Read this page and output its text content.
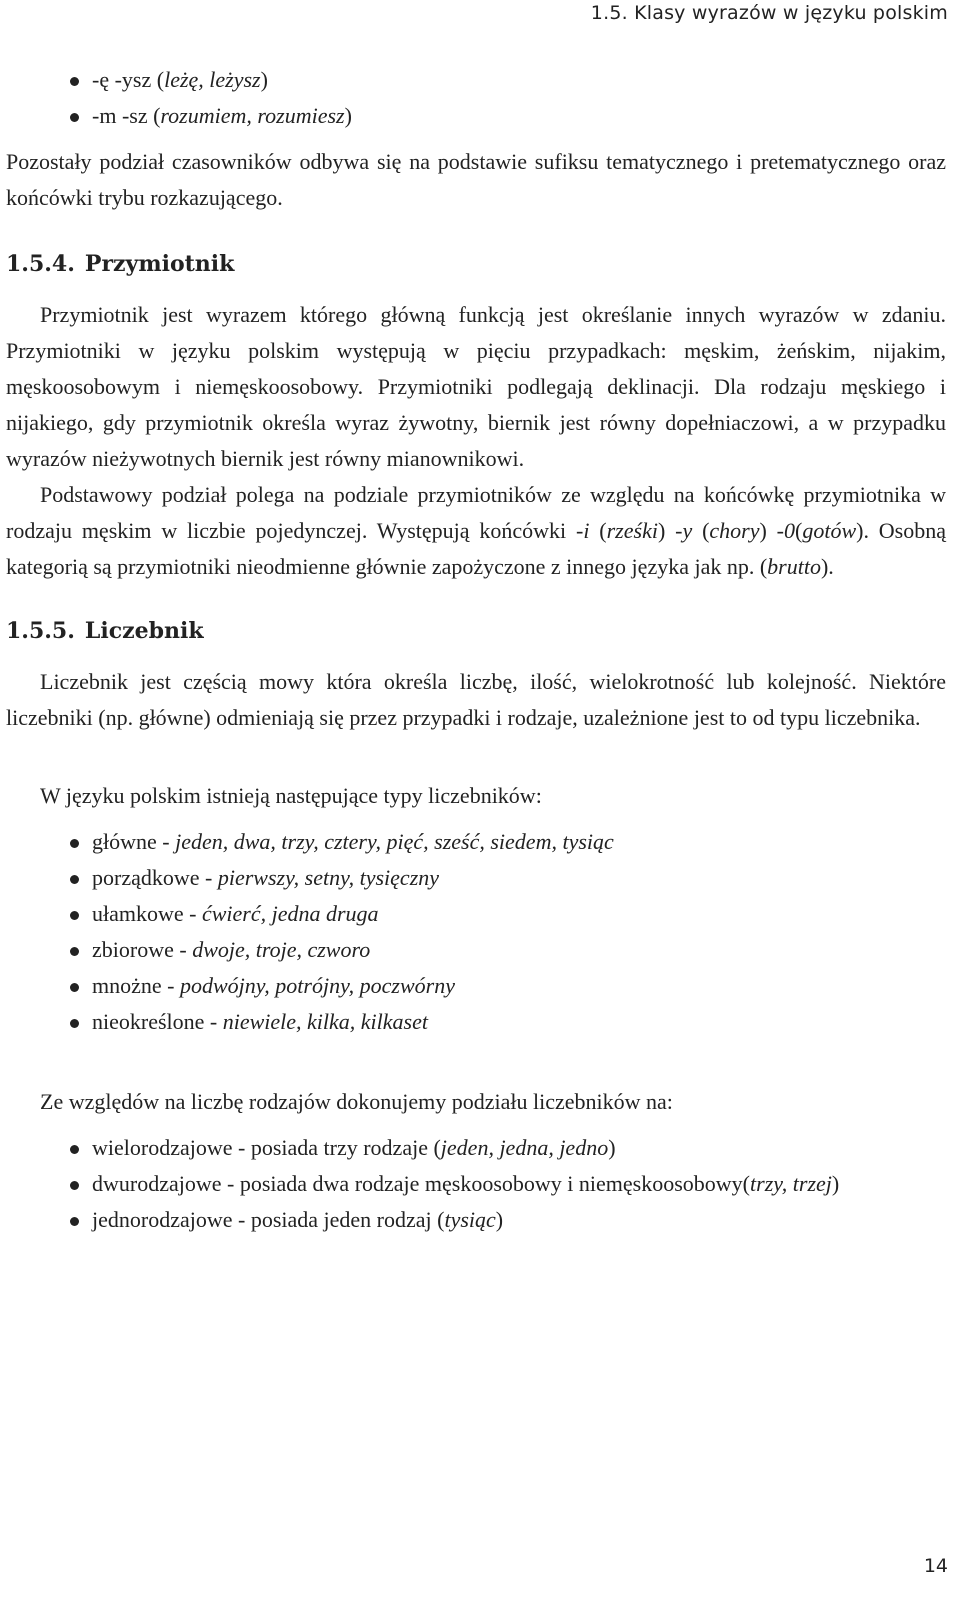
1.5. Klasy wyrazów w języku polskim
-ę -ysz (leżę, leżysz)
-m -sz (rozumiem, rozumiesz)

Pozostały podział czasowników odbywa się na podstawie sufiksu tematycznego i pretematycznego oraz końcówki trybu rozkazującego.

1.5.4. Przymiotnik

Przymiotnik jest wyrazem którego główną funkcją jest określanie innych wyrazów w zdaniu. Przymiotniki w języku polskim występują w pięciu przypadkach: męskim, żeńskim, nijakim, męskoosobowym i niemęskoosobowy. Przymiotniki podlegają deklinacji. Dla rodzaju męskiego i nijakiego, gdy przymiotnik określa wyraz żywotny, biernik jest równy dopełniaczowi, a w przypadku wyrazów nieżywotnych biernik jest równy mianownikowi.

Podstawowy podział polega na podziale przymiotników ze względu na końcówkę przymiotnika w rodzaju męskim w liczbie pojedynczej. Występują końcówki -i (rześki) -y (chory) -0(gotów). Osobną kategorią są przymiotniki nieodmienne głównie zapożyczone z innego języka jak np. (brutto).

1.5.5. Liczebnik

Liczebnik jest częścią mowy która określa liczbę, ilość, wielokrotność lub kolejność. Niektóre liczebniki (np. główne) odmieniają się przez przypadki i rodzaje, uzależnione jest to od typu liczebnika.

W języku polskim istnieją następujące typy liczebników:

główne - jeden, dwa, trzy, cztery, pięć, sześć, siedem, tysiąc
porządkowe - pierwszy, setny, tysięczny
ułamkowe - ćwierć, jedna druga
zbiorowe - dwoje, troje, czworo
mnożne - podwójny, potrójny, poczwórny
nieokreślone - niewiele, kilka, kilkaset

Ze względów na liczbę rodzajów dokonujemy podziału liczebników na:

wielorodzajowe - posiada trzy rodzaje (jeden, jedna, jedno)
dwurodzajowe - posiada dwa rodzaje męskoosobowy i niemęskoosobowy(trzy, trzej)
jednorodzajowe - posiada jeden rodzaj (tysiąc)
14
